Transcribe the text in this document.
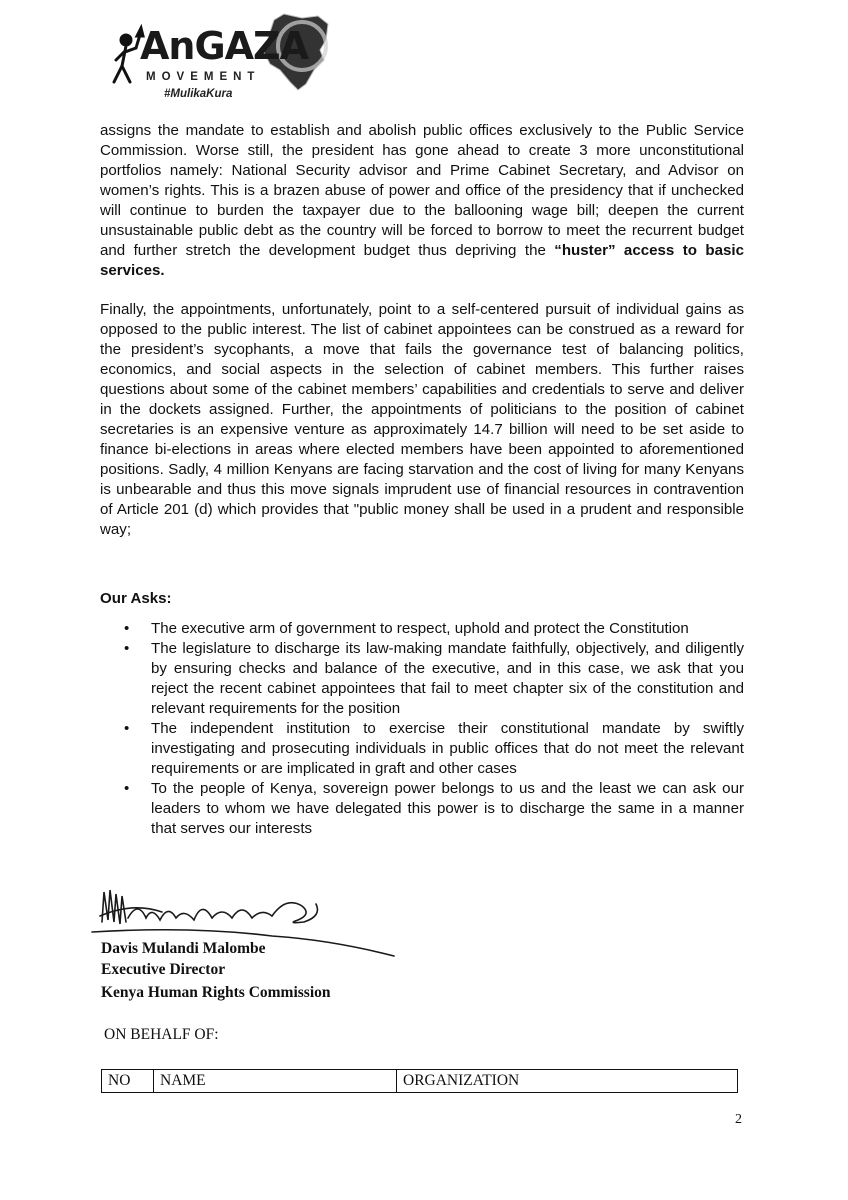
AnGAZA
MOVEMENT
#MulikaKura

assigns the mandate to establish and abolish public offices exclusively to the Public Service Commission. Worse still, the president has gone ahead to create 3 more unconstitutional portfolios namely: National Security advisor and Prime Cabinet Secretary, and Advisor on women’s rights. This is a brazen abuse of power and office of the presidency that if unchecked will continue to burden the taxpayer due to the ballooning wage bill; deepen the current unsustainable public debt as the country will be forced to borrow to meet the recurrent budget and further stretch the development budget thus depriving the “huster” access to basic services.

Finally, the appointments, unfortunately, point to a self-centered pursuit of individual gains as opposed to the public interest. The list of cabinet appointees can be construed as a reward for the president’s sycophants, a move that fails the governance test of balancing politics, economics, and social aspects in the selection of cabinet members. This further raises questions about some of the cabinet members’ capabilities and credentials to serve and deliver in the dockets assigned. Further, the appointments of politicians to the position of cabinet secretaries is an expensive venture as approximately 14.7 billion will need to be set aside to finance bi-elections in areas where elected members have been appointed to aforementioned positions. Sadly, 4 million Kenyans are facing starvation and the cost of living for many Kenyans is unbearable and thus this move signals imprudent use of financial resources in contravention of Article 201 (d) which provides that "public money shall be used in a prudent and responsible way;

Our Asks:
• The executive arm of government to respect, uphold and protect the Constitution
• The legislature to discharge its law-making mandate faithfully, objectively, and diligently by ensuring checks and balance of the executive, and in this case, we ask that you reject the recent cabinet appointees that fail to meet chapter six of the constitution and relevant requirements for the position
• The independent institution to exercise their constitutional mandate by swiftly investigating and prosecuting individuals in public offices that do not meet the relevant requirements or are implicated in graft and other cases
• To the people of Kenya, sovereign power belongs to us and the least we can ask our leaders to whom we have delegated this power is to discharge the same in a manner that serves our interests
Davis Mulandi Malombe
Executive Director
Kenya Human Rights Commission
ON BEHALF OF:
NO	NAME	ORGANIZATION
2
